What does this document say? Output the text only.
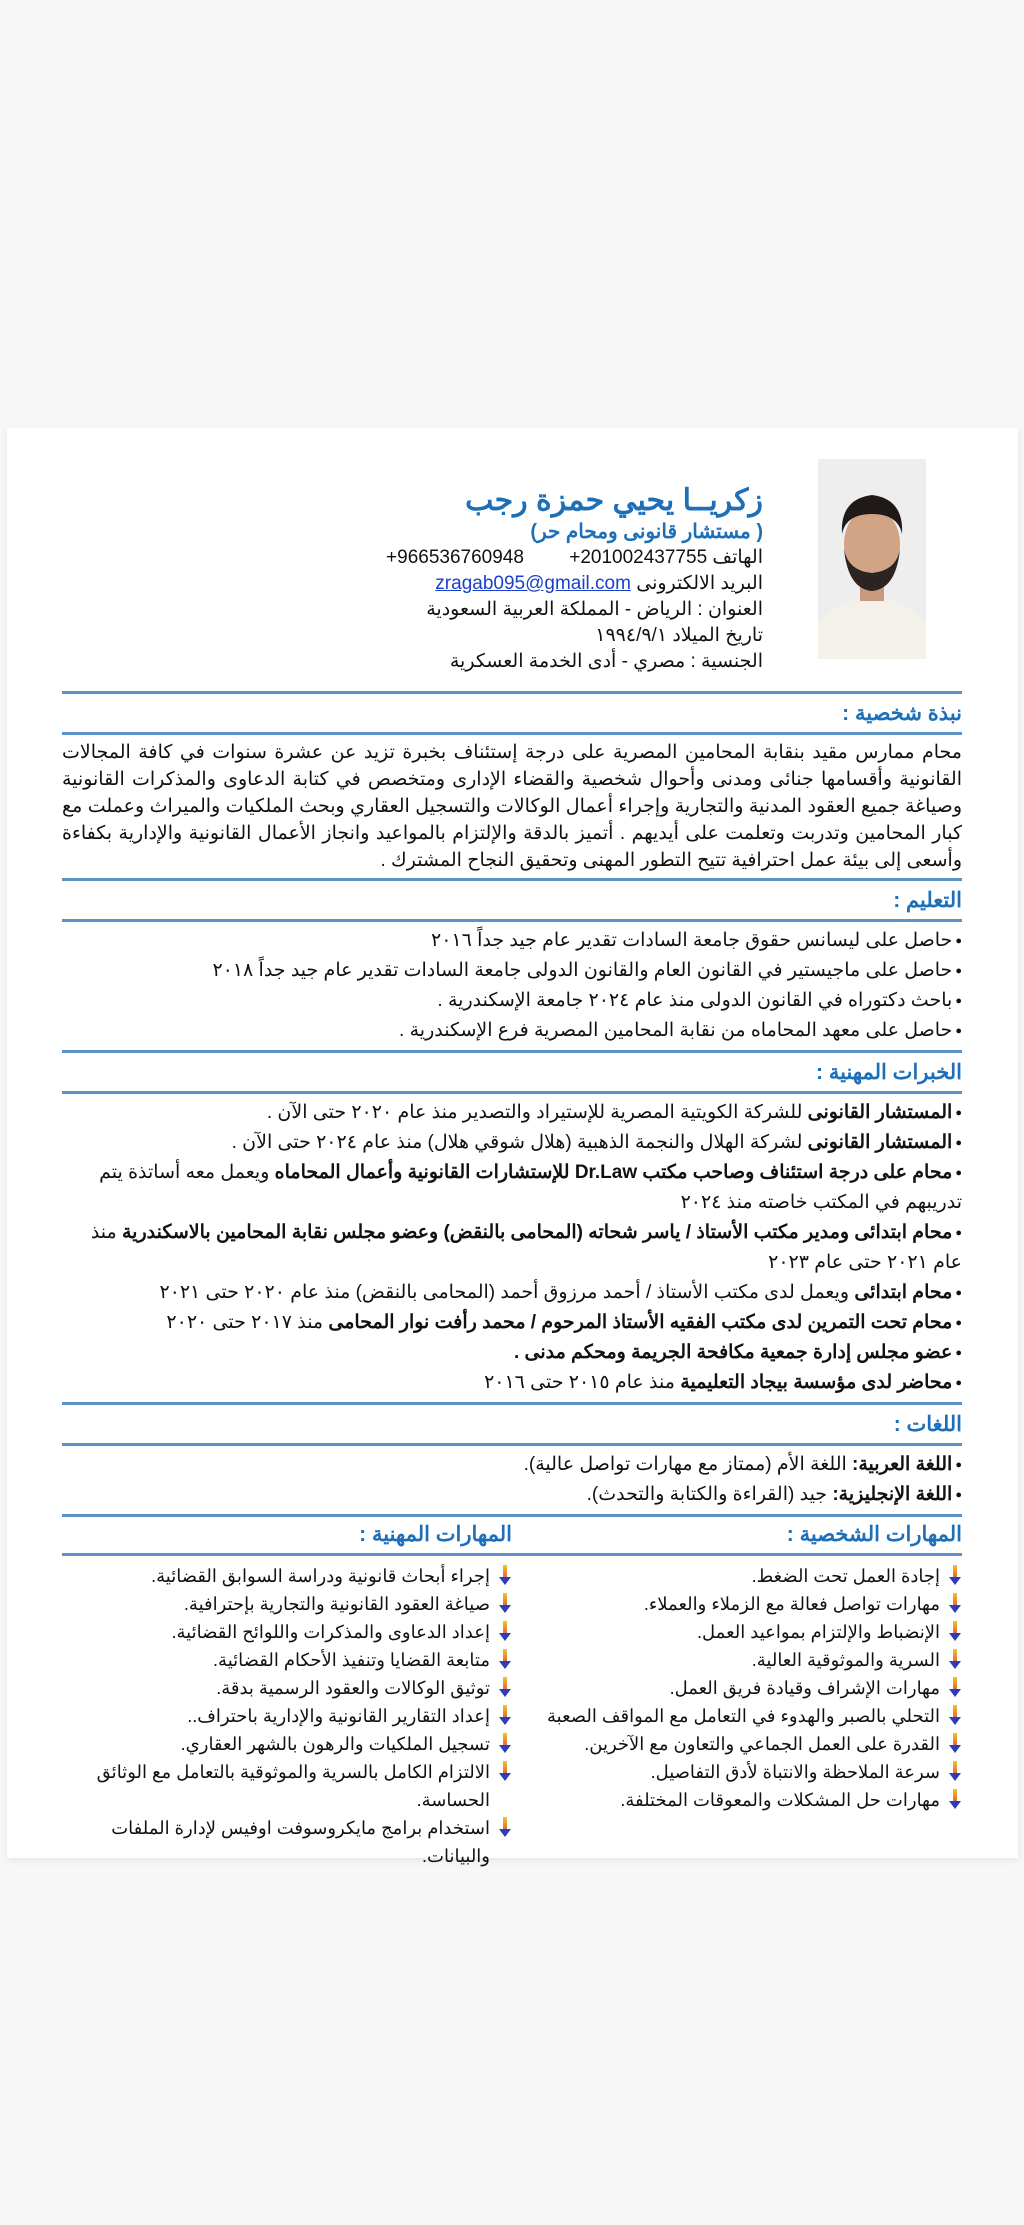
زكريــا يحيي حمزة رجب
( مستشار قانونى ومحام حر)
الهاتف +201002437755 +966536760948
البريد الالكترونى zragab095@gmail.com
العنوان : الرياض - المملكة العربية السعودية
تاريخ الميلاد ١٩٩٤/٩/١
الجنسية : مصري - أدى الخدمة العسكرية
نبذة شخصية :
محام ممارس مقيد بنقابة المحامين المصرية على درجة إستئناف بخبرة تزيد عن عشرة سنوات في كافة المجالات القانونية وأقسامها جنائى ومدنى وأحوال شخصية والقضاء الإدارى ومتخصص في كتابة الدعاوى والمذكرات القانونية وصياغة جميع العقود المدنية والتجارية وإجراء أعمال الوكالات والتسجيل العقاري وبحث الملكيات والميراث وعملت مع كبار المحامين وتدربت وتعلمت على أيديهم . أتميز بالدقة والإلتزام بالمواعيد وانجاز الأعمال القانونية والإدارية بكفاءة وأسعى إلى بيئة عمل احترافية تتيح التطور المهنى وتحقيق النجاح المشترك .
التعليم :
● حاصل على ليسانس حقوق جامعة السادات تقدير عام جيد جداً ٢٠١٦
● حاصل على ماجيستير في القانون العام والقانون الدولى جامعة السادات تقدير عام جيد جداً ٢٠١٨
● باحث دكتوراه في القانون الدولى منذ عام ٢٠٢٤ جامعة الإسكندرية .
● حاصل على معهد المحاماه من نقابة المحامين المصرية فرع الإسكندرية .
الخبرات المهنية :
● المستشار القانونى للشركة الكويتية المصرية للإستيراد والتصدير منذ عام ٢٠٢٠ حتى الآن .
● المستشار القانونى لشركة الهلال والنجمة الذهبية (هلال شوقي هلال) منذ عام ٢٠٢٤ حتى الآن .
● محام على درجة استئناف وصاحب مكتب Dr.Law للإستشارات القانونية وأعمال المحاماه ويعمل معه أساتذة يتم تدريبهم في المكتب خاصته منذ ٢٠٢٤
● محام ابتدائى ومدير مكتب الأستاذ / ياسر شحاته (المحامى بالنقض) وعضو مجلس نقابة المحامين بالاسكندرية منذ عام ٢٠٢١ حتى عام ٢٠٢٣
● محام ابتدائى ويعمل لدى مكتب الأستاذ / أحمد مرزوق أحمد (المحامى بالنقض) منذ عام ٢٠٢٠ حتى ٢٠٢١
● محام تحت التمرين لدى مكتب الفقيه الأستاذ المرحوم / محمد رأفت نوار المحامى منذ ٢٠١٧ حتى ٢٠٢٠
● عضو مجلس إدارة جمعية مكافحة الجريمة ومحكم مدنى .
● محاضر لدى مؤسسة بيجاد التعليمية منذ عام ٢٠١٥ حتى ٢٠١٦
اللغات :
● اللغة العربية: اللغة الأم (ممتاز مع مهارات تواصل عالية).
● اللغة الإنجليزية: جيد (القراءة والكتابة والتحدث).
المهارات الشخصية :
المهارات المهنية :
إجادة العمل تحت الضغط.
مهارات تواصل فعالة مع الزملاء والعملاء.
الإنضباط والإلتزام بمواعيد العمل.
السرية والموثوقية العالية.
مهارات الإشراف وقيادة فريق العمل.
التحلي بالصبر والهدوء في التعامل مع المواقف الصعبة
القدرة على العمل الجماعي والتعاون مع الآخرين.
سرعة الملاحظة والانتباة لأدق التفاصيل.
مهارات حل المشكلات والمعوقات المختلفة.
إجراء أبحاث قانونية ودراسة السوابق القضائية.
صياغة العقود القانونية والتجارية بإحترافية.
إعداد الدعاوى والمذكرات واللوائح القضائية.
متابعة القضايا وتنفيذ الأحكام القضائية.
توثيق الوكالات والعقود الرسمية بدقة.
إعداد التقارير القانونية والإدارية باحتراف..
تسجيل الملكيات والرهون بالشهر العقاري.
الالتزام الكامل بالسرية والموثوقية بالتعامل مع الوثائق الحساسة.
استخدام برامج مايكروسوفت اوفيس لإدارة الملفات والبيانات.
